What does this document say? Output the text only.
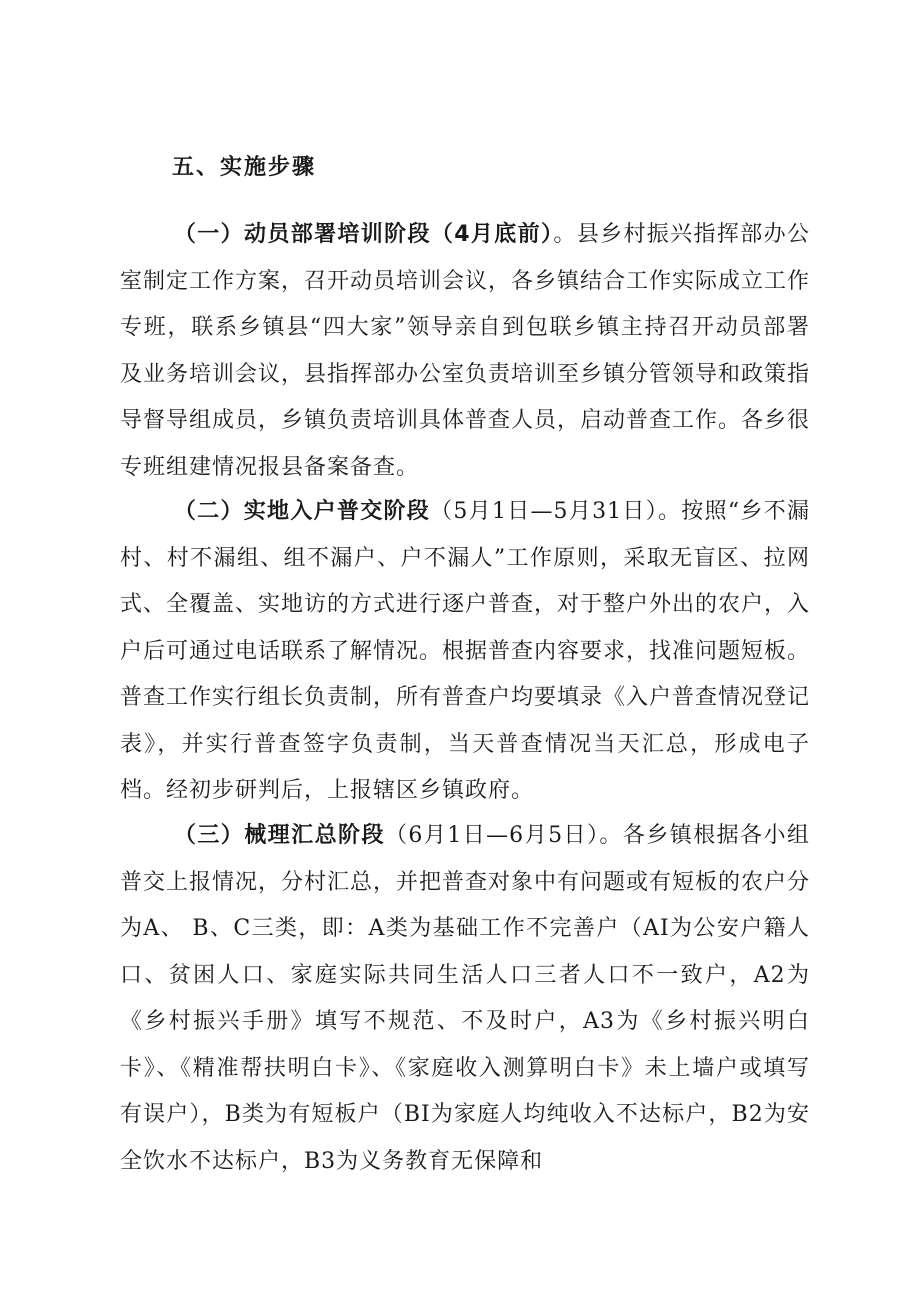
五、实施步骤

（一）动员部署培训阶段（4月底前）。县乡村振兴指挥部办公室制定工作方案，召开动员培训会议，各乡镇结合工作实际成立工作专班，联系乡镇县“四大家”领导亲自到包联乡镇主持召开动员部署及业务培训会议，县指挥部办公室负责培训至乡镇分管领导和政策指导督导组成员，乡镇负责培训具体普查人员，启动普查工作。各乡很专班组建情况报县备案备查。

（二）实地入户普交阶段（5月1日—5月31日）。按照“乡不漏村、村不漏组、组不漏户、户不漏人”工作原则，采取无盲区、拉网式、全覆盖、实地访的方式进行逐户普查，对于整户外出的农户，入户后可通过电话联系了解情况。根据普查内容要求，找准问题短板。普查工作实行组长负责制，所有普查户均要填录《入户普查情况登记表》，并实行普查签字负责制，当天普查情况当天汇总，形成电子档。经初步研判后，上报辖区乡镇政府。

（三）械理汇总阶段（6月1日—6月5日）。各乡镇根据各小组普交上报情况，分村汇总，并把普查对象中有问题或有短板的农户分为A、 B、C三类，即：A类为基础工作不完善户（AI为公安户籍人口、贫困人口、家庭实际共同生活人口三者人口不一致户，A2为《乡村振兴手册》填写不规范、不及时户，A3为《乡村振兴明白卡》、《精准帮扶明白卡》、《家庭收入测算明白卡》未上墙户或填写有误户），B类为有短板户（BI为家庭人均纯收入不达标户，B2为安全饮水不达标户，B3为义务教育无保障和
